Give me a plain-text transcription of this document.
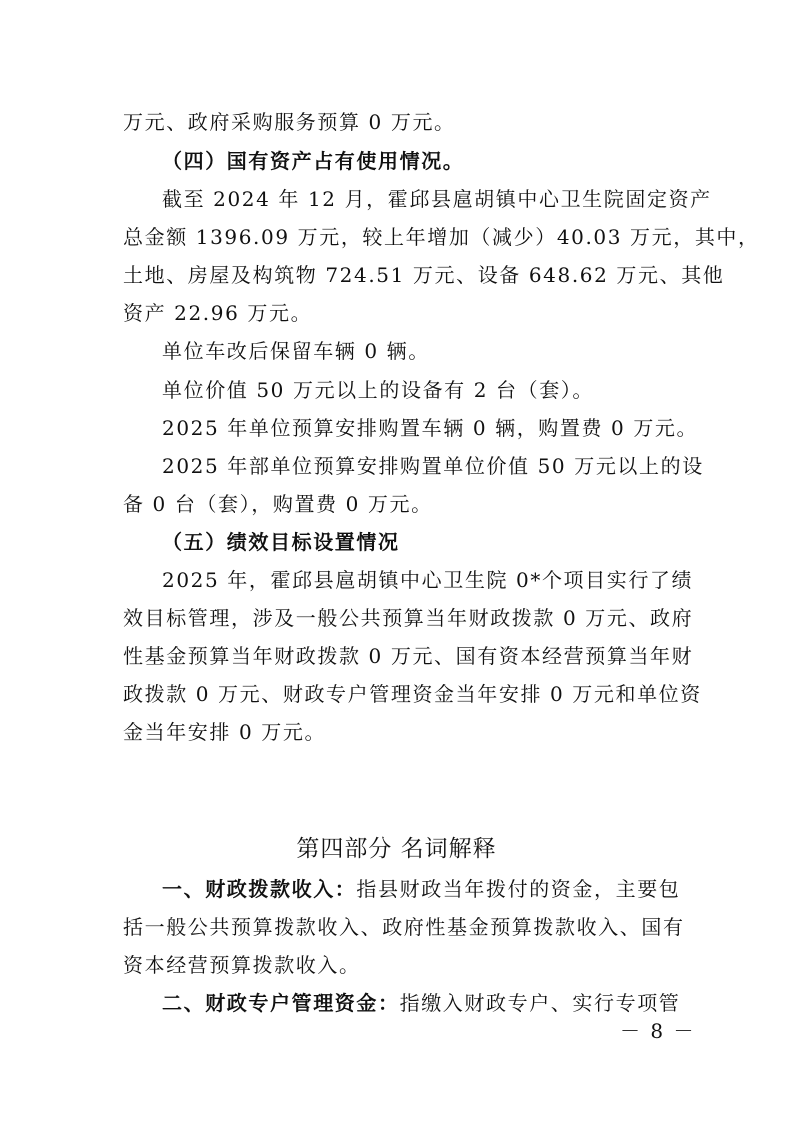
万元、政府采购服务预算 0 万元。
（四）国有资产占有使用情况。
截至 2024 年 12 月，霍邱县扈胡镇中心卫生院固定资产
总金额 1396.09 万元，较上年增加（减少）40.03 万元，其中，
土地、房屋及构筑物 724.51 万元、设备 648.62 万元、其他
资产 22.96 万元。
单位车改后保留车辆 0 辆。
单位价值 50 万元以上的设备有 2 台（套）。
2025 年单位预算安排购置车辆 0 辆，购置费 0 万元。
2025 年部单位预算安排购置单位价值 50 万元以上的设
备 0 台（套），购置费 0 万元。
（五）绩效目标设置情况
2025 年，霍邱县扈胡镇中心卫生院 0*个项目实行了绩
效目标管理，涉及一般公共预算当年财政拨款 0 万元、政府
性基金预算当年财政拨款 0 万元、国有资本经营预算当年财
政拨款 0 万元、财政专户管理资金当年安排 0 万元和单位资
金当年安排 0 万元。
第四部分 名词解释
一、财政拨款收入：指县财政当年拨付的资金，主要包
括一般公共预算拨款收入、政府性基金预算拨款收入、国有
资本经营预算拨款收入。
二、财政专户管理资金：指缴入财政专户、实行专项管
－ 8 －
